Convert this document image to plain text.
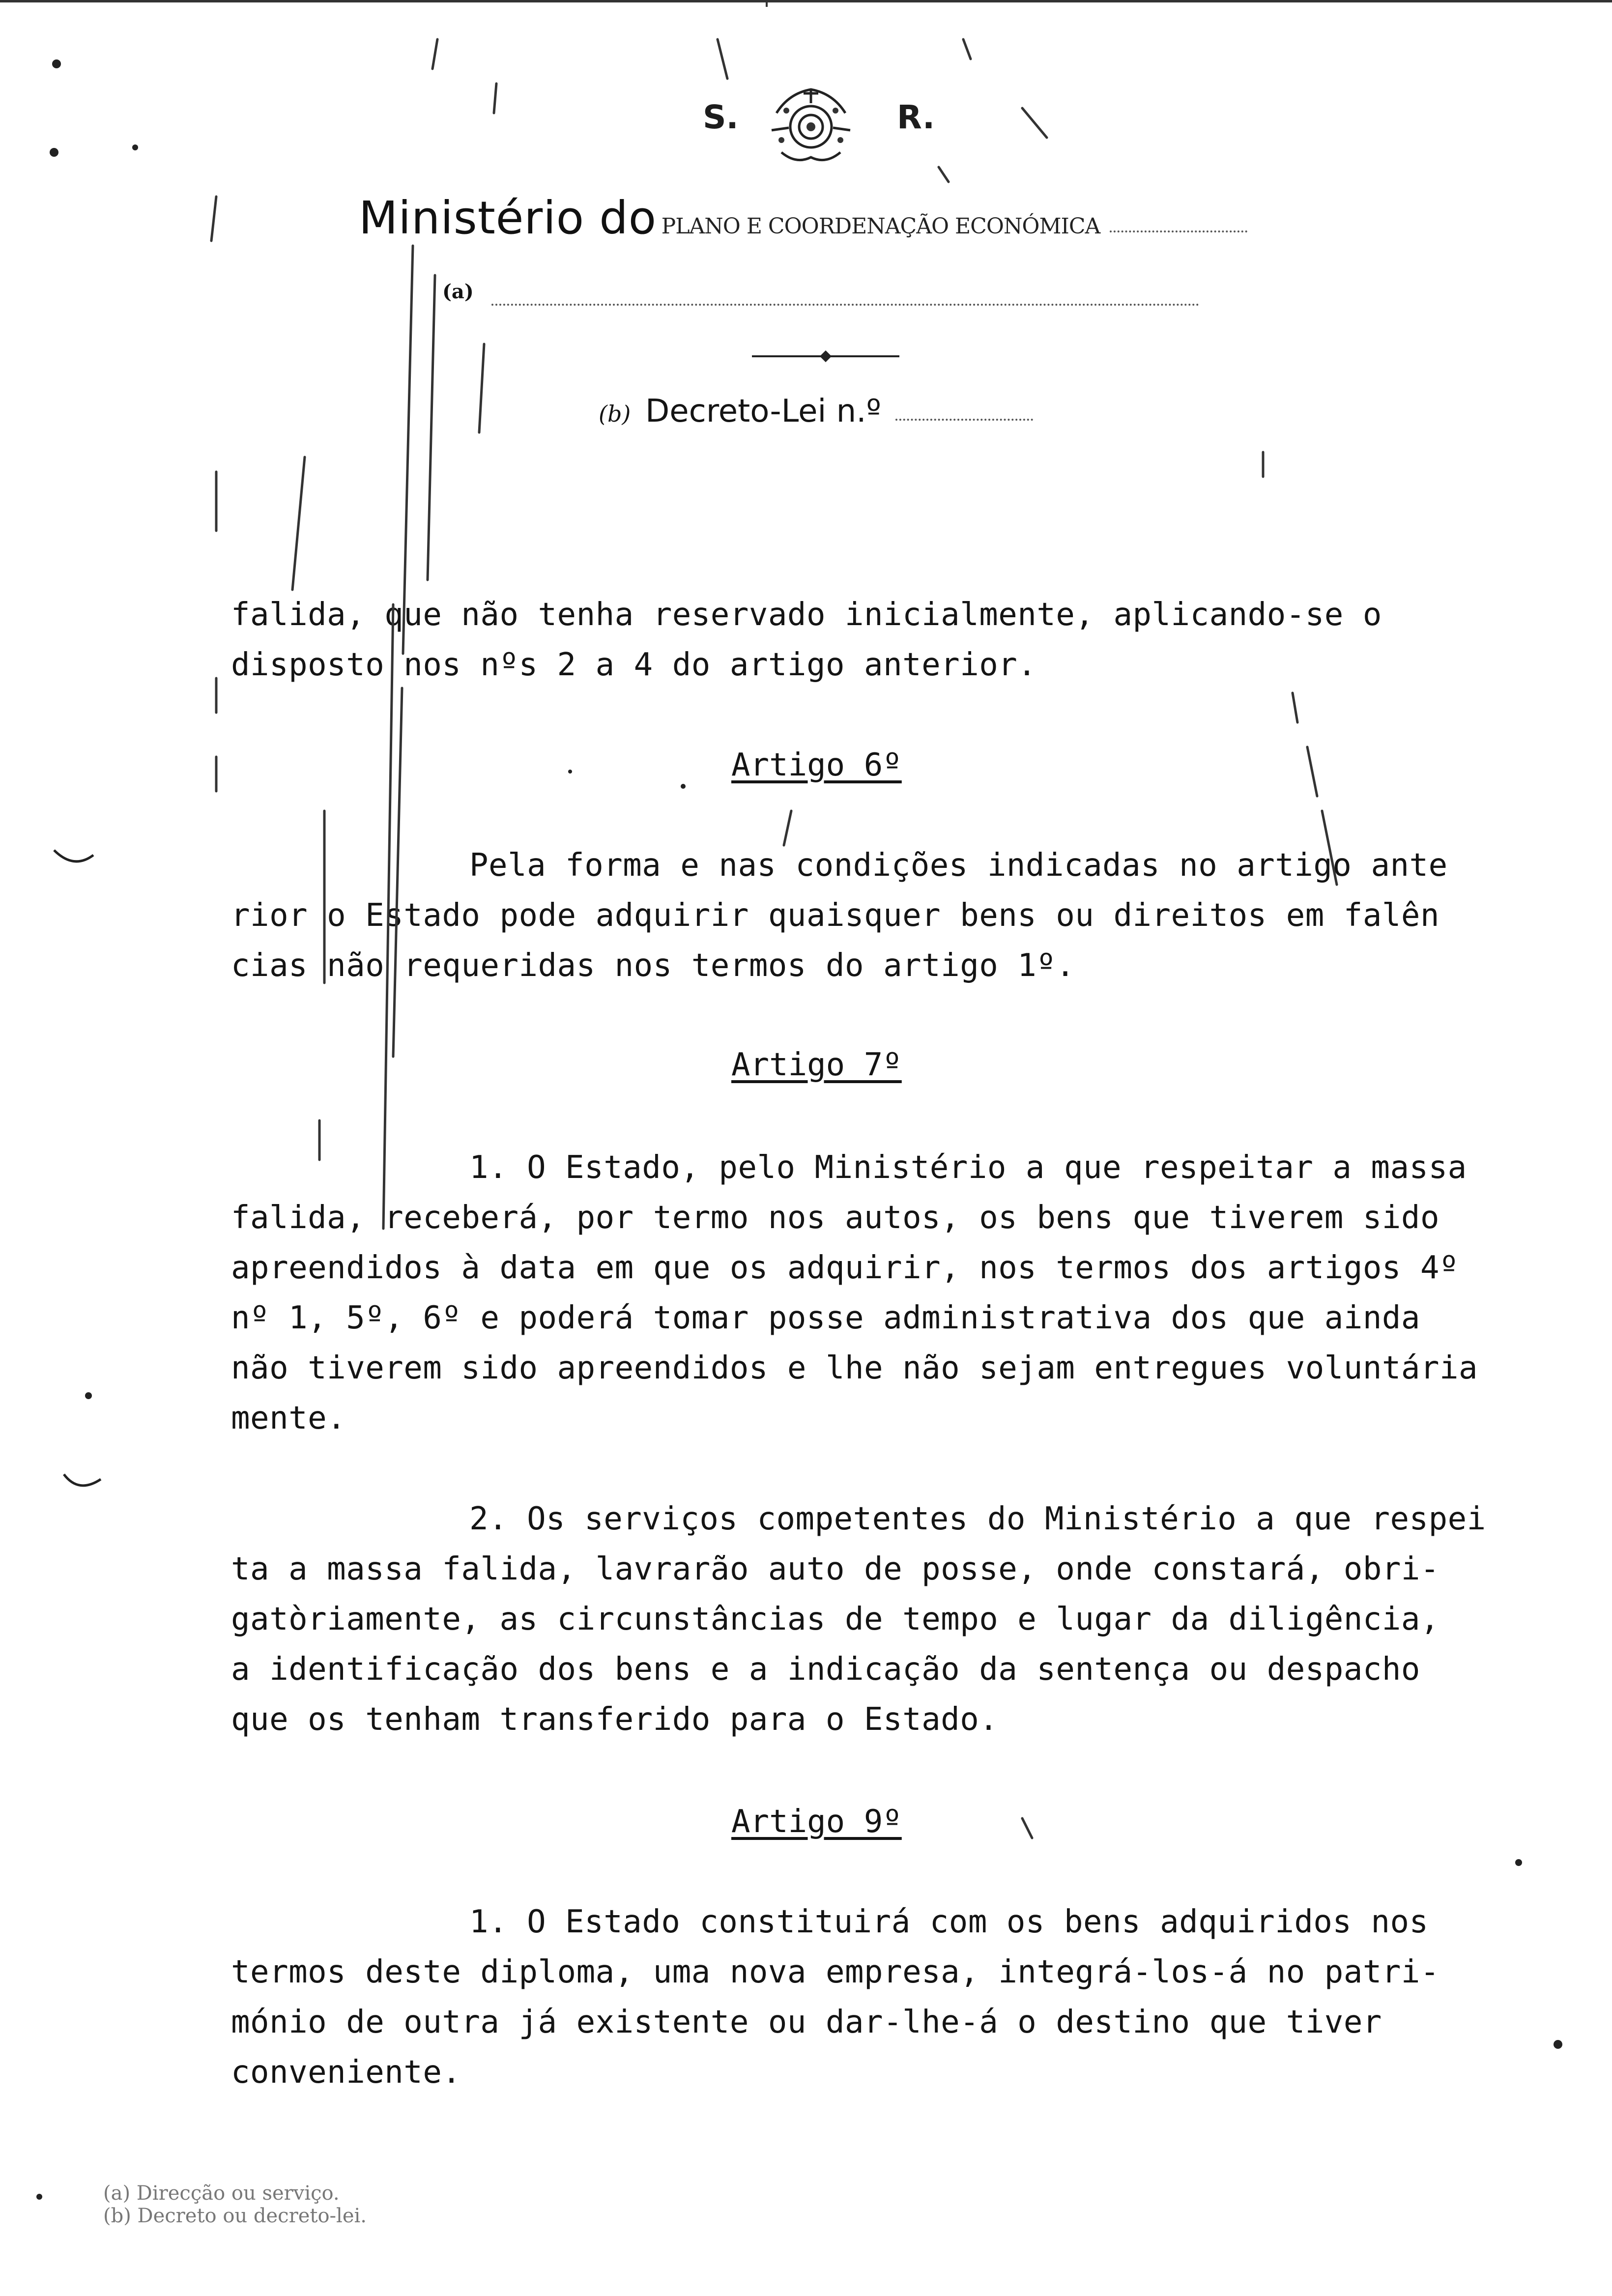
S.	R.
Ministério do PLANO E COORDENAÇÃO ECONÓMICA
(a)
(b) Decreto-Lei n.º
falida, que não tenha reservado inicialmente, aplicando-se o
disposto nos nºs 2 a 4 do artigo anterior.
Artigo 6º
Pela forma e nas condições indicadas no artigo ante
rior o Estado pode adquirir quaisquer bens ou direitos em falên
cias não requeridas nos termos do artigo 1º.
Artigo 7º
1. O Estado, pelo Ministério a que respeitar a massa
falida, receberá, por termo nos autos, os bens que tiverem sido
apreendidos à data em que os adquirir, nos termos dos artigos 4º
nº 1, 5º, 6º e poderá tomar posse administrativa dos que ainda
não tiverem sido apreendidos e lhe não sejam entregues voluntária
mente.
2. Os serviços competentes do Ministério a que respei
ta a massa falida, lavrarão auto de posse, onde constará, obri-
gatòriamente, as circunstâncias de tempo e lugar da diligência,
a identificação dos bens e a indicação da sentença ou despacho
que os tenham transferido para o Estado.
Artigo 9º
1. O Estado constituirá com os bens adquiridos nos
termos deste diploma, uma nova empresa, integrá-los-á no patri-
mónio de outra já existente ou dar-lhe-á o destino que tiver
conveniente.
(a) Direcção ou serviço.
(b) Decreto ou decreto-lei.
